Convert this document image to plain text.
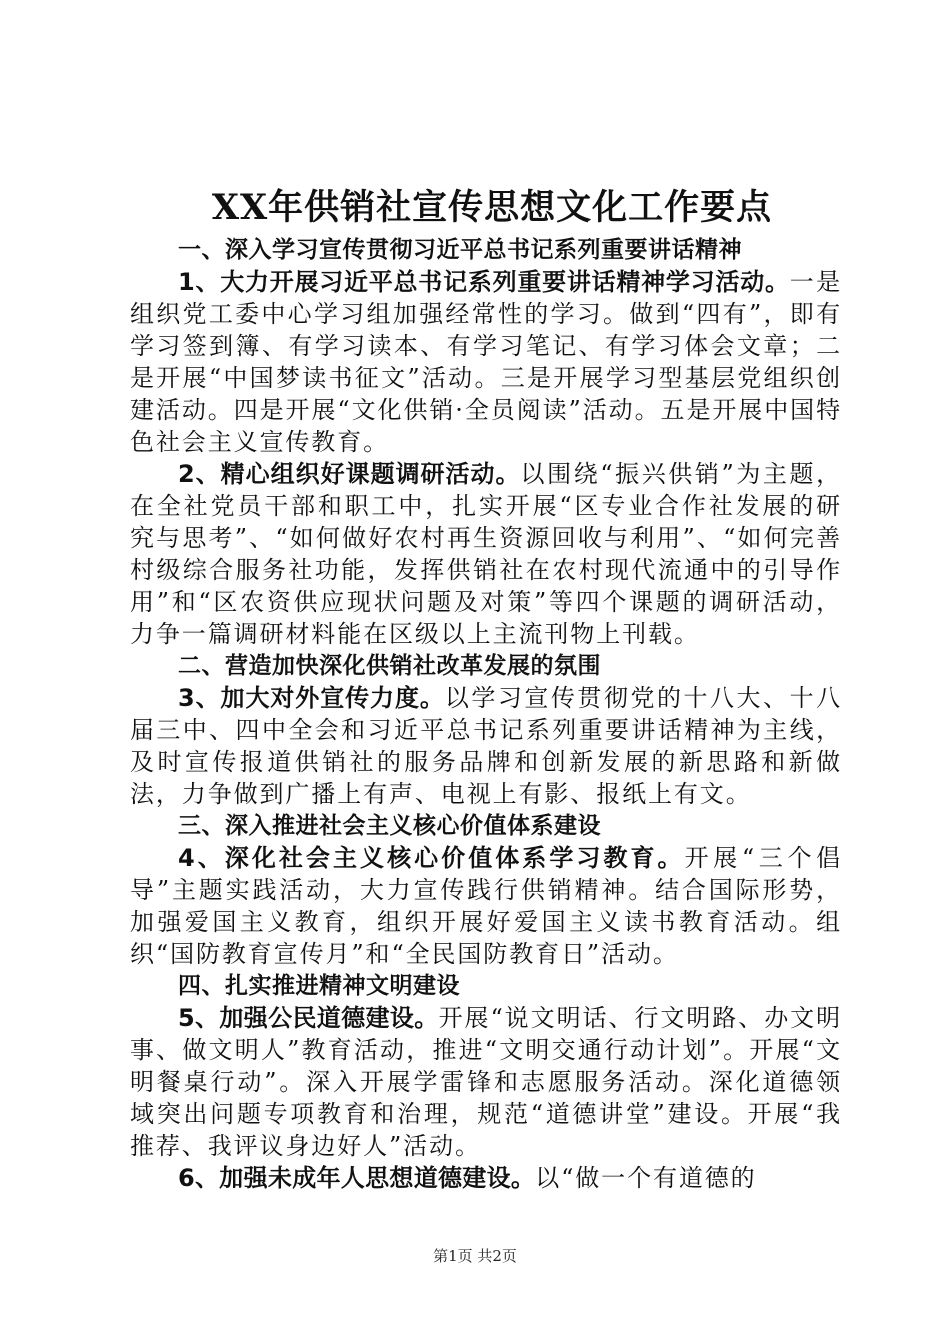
XX年供销社宣传思想文化工作要点

一、深入学习宣传贯彻习近平总书记系列重要讲话精神

1、大力开展习近平总书记系列重要讲话精神学习活动。一是组织党工委中心学习组加强经常性的学习。做到“四有”，即有学习签到簿、有学习读本、有学习笔记、有学习体会文章；二是开展“中国梦读书征文”活动。三是开展学习型基层党组织创建活动。四是开展“文化供销·全员阅读”活动。五是开展中国特色社会主义宣传教育。

2、精心组织好课题调研活动。以围绕“振兴供销”为主题，在全社党员干部和职工中，扎实开展“区专业合作社发展的研究与思考”、“如何做好农村再生资源回收与利用”、“如何完善村级综合服务社功能，发挥供销社在农村现代流通中的引导作用”和“区农资供应现状问题及对策”等四个课题的调研活动，力争一篇调研材料能在区级以上主流刊物上刊载。

二、营造加快深化供销社改革发展的氛围

3、加大对外宣传力度。以学习宣传贯彻党的十八大、十八届三中、四中全会和习近平总书记系列重要讲话精神为主线，及时宣传报道供销社的服务品牌和创新发展的新思路和新做法，力争做到广播上有声、电视上有影、报纸上有文。

三、深入推进社会主义核心价值体系建设

4、深化社会主义核心价值体系学习教育。开展“三个倡导”主题实践活动，大力宣传践行供销精神。结合国际形势，加强爱国主义教育，组织开展好爱国主义读书教育活动。组织“国防教育宣传月”和“全民国防教育日”活动。

四、扎实推进精神文明建设

5、加强公民道德建设。开展“说文明话、行文明路、办文明事、做文明人”教育活动，推进“文明交通行动计划”。开展“文明餐桌行动”。深入开展学雷锋和志愿服务活动。深化道德领域突出问题专项教育和治理，规范“道德讲堂”建设。开展“我推荐、我评议身边好人”活动。

6、加强未成年人思想道德建设。以“做一个有道德的

第1页 共2页
